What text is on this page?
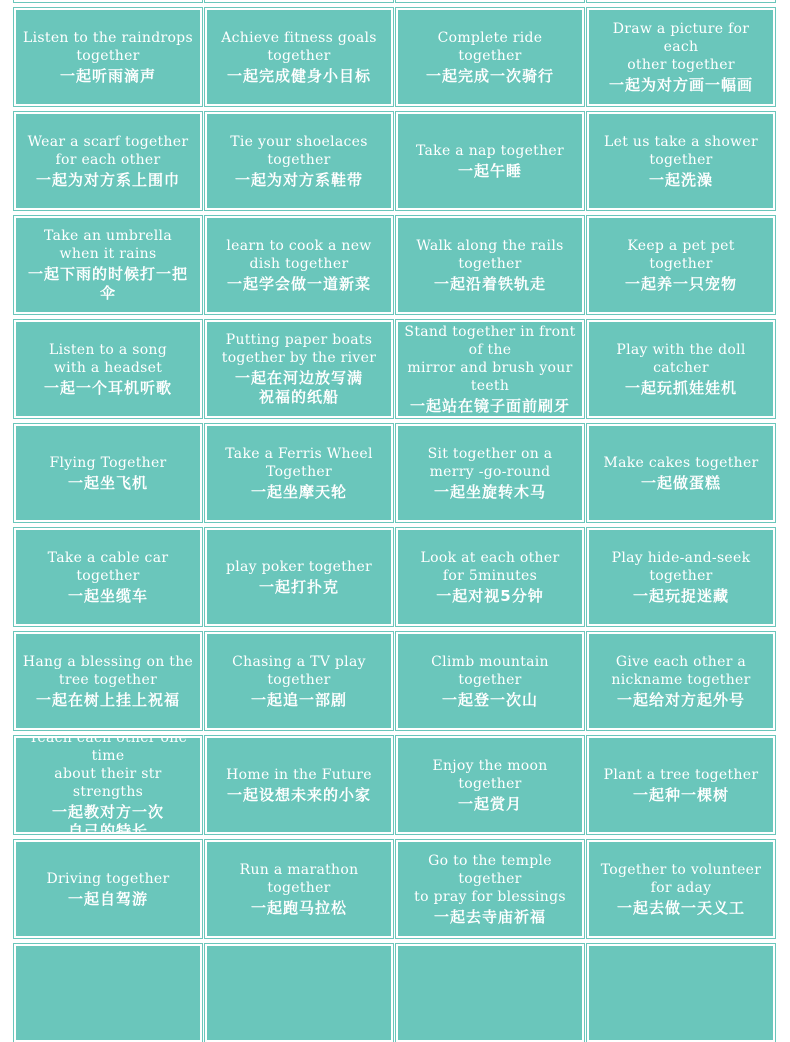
Listen to the raindrops
together
一起听雨滴声
Achieve fitness goals
together
一起完成健身小目标
Complete ride together
一起完成一次骑行
Draw a picture for each
other together
一起为对方画一幅画
Wear a scarf together
for each other
一起为对方系上围巾
Tie your shoelaces together
一起为对方系鞋带
Take a nap together
一起午睡
Let us take a shower together
一起洗澡
Take an umbrella
when it rains
一起下雨的时候打一把伞
learn to cook a new
dish together
一起学会做一道新菜
Walk along the rails together
一起沿着铁轨走
Keep a pet pet together
一起养一只宠物
Listen to a song
with a headset
一起一个耳机听歌
Putting paper boats
together by the river
一起在河边放写满
祝福的纸船
Stand together in front of the
mirror and brush your teeth
一起站在镜子面前刷牙
Play with the doll catcher
一起玩抓娃娃机
Flying Together
一起坐飞机
Take a Ferris Wheel Together
一起坐摩天轮
Sit together on a
merry -go-round
一起坐旋转木马
Make cakes together
一起做蛋糕
Take a cable car together
一起坐缆车
play poker together
一起打扑克
Look at each other
for 5minutes
一起对视5分钟
Play hide-and-seek together
一起玩捉迷藏
Hang a blessing on the
tree together
一起在树上挂上祝福
Chasing a TV play together
一起追一部剧
Climb mountain together
一起登一次山
Give each other a
nickname together
一起给对方起外号
Teach each other one time
about their str strengths
一起教对方一次
自己的特长
Home in the Future
一起设想未来的小家
Enjoy the moon together
一起赏月
Plant a tree together
一起种一棵树
Driving together
一起自驾游
Run a marathon together
一起跑马拉松
Go to the temple together
to pray for blessings
一起去寺庙祈福
Together to volunteer
for aday
一起去做一天义工
